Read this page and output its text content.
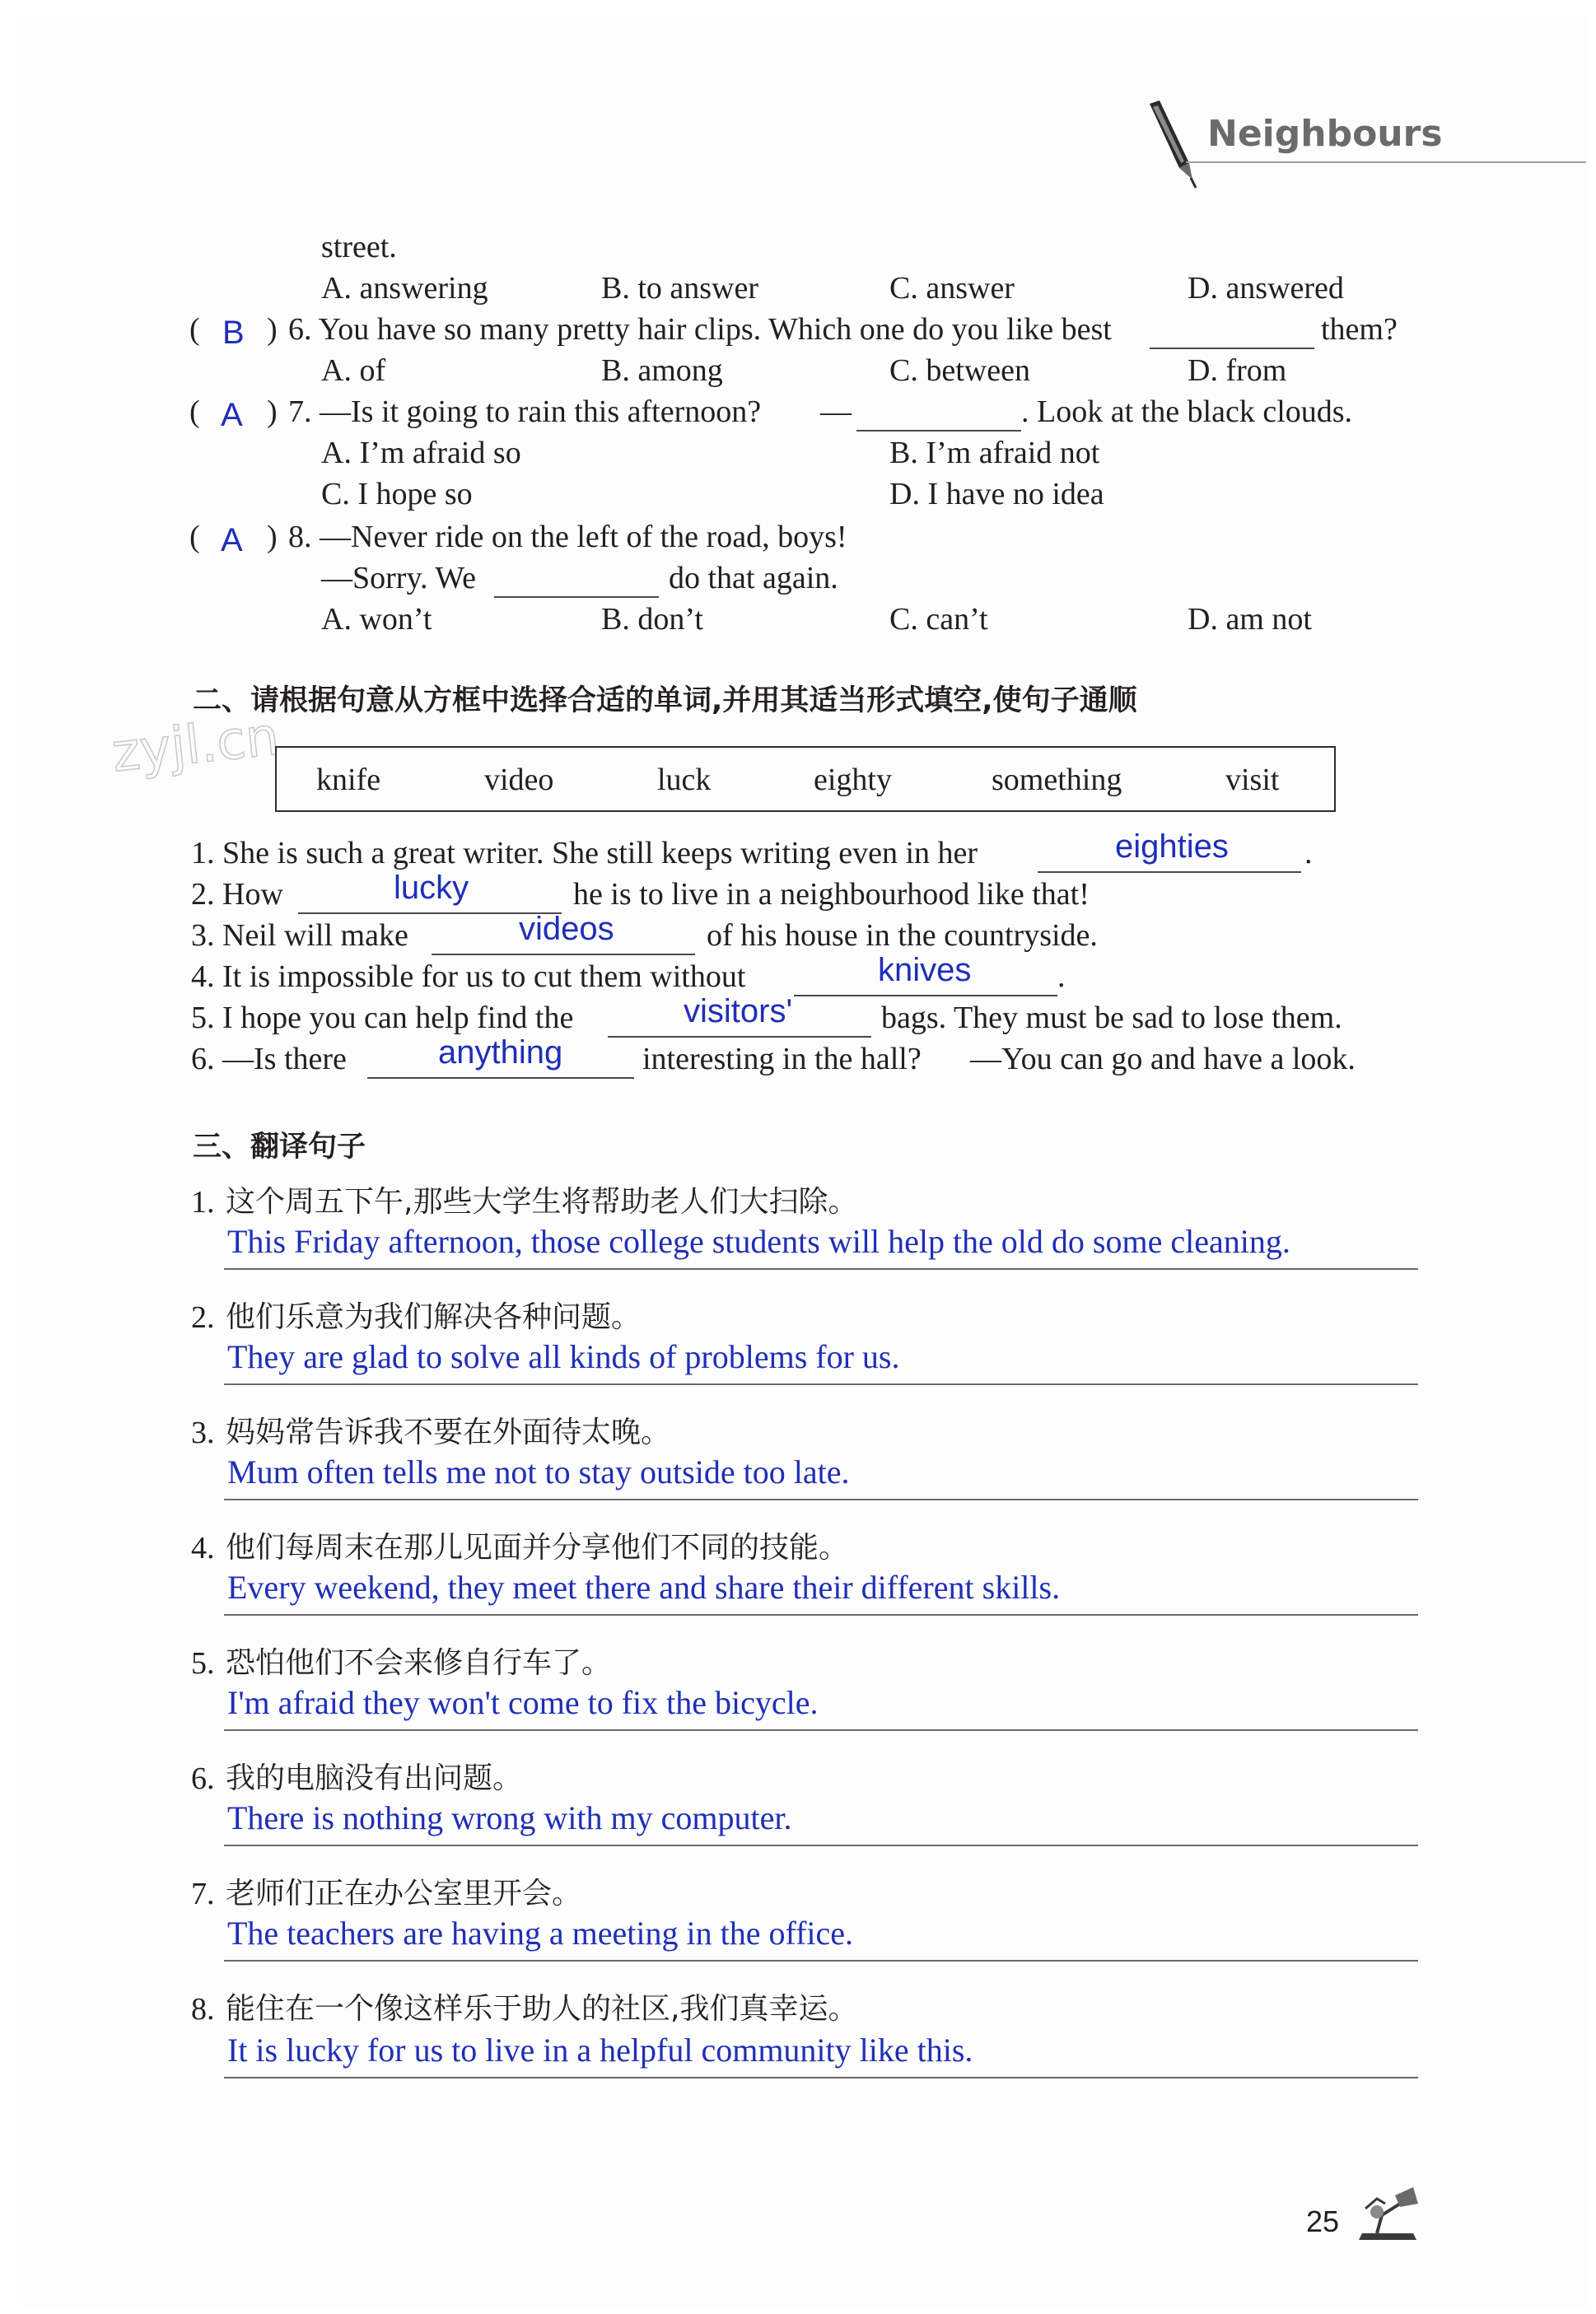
Neighbours
street.
A. answering	B. to answer	C. answer	D. answered
( B ) 6. You have so many pretty hair clips. Which one do you like best	them?
A. of	B. among	C. between	D. from
( A ) 7. —Is it going to rain this afternoon? —	. Look at the black clouds.
A. I’m afraid so	B. I’m afraid not
C. I hope so	D. I have no idea
( A ) 8. —Never ride on the left of the road, boys!
—Sorry. We	do that again.
A. won’t	B. don’t	C. can’t	D. am not
二、请根据句意从方框中选择合适的单词,并用其适当形式填空,使句子通顺
zyjl.cn knife	video	luck	eighty	something	visit
1. She is such a great writer. She still keeps writing even in her	eighties .
2. How	lucky	he is to live in a neighbourhood like that!
3. Neil will make	videos	of his house in the countryside.
4. It is impossible for us to cut them without	knives	.
5. I hope you can help find the	visitors'	bags. They must be sad to lose them.
6. —Is there	anything	interesting in the hall? —You can go and have a look.
三、翻译句子
1. 这个周五下午,那些大学生将帮助老人们大扫除。
This Friday afternoon, those college students will help the old do some cleaning.
2. 他们乐意为我们解决各种问题。
They are glad to solve all kinds of problems for us.
3. 妈妈常告诉我不要在外面待太晚。
Mum often tells me not to stay outside too late.
4. 他们每周末在那儿见面并分享他们不同的技能。
Every weekend, they meet there and share their different skills.
5. 恐怕他们不会来修自行车了。
I'm afraid they won't come to fix the bicycle.
6. 我的电脑没有出问题。
There is nothing wrong with my computer.
7. 老师们正在办公室里开会。
The teachers are having a meeting in the office.
8. 能住在一个像这样乐于助人的社区,我们真幸运。
It is lucky for us to live in a helpful community like this.
25
